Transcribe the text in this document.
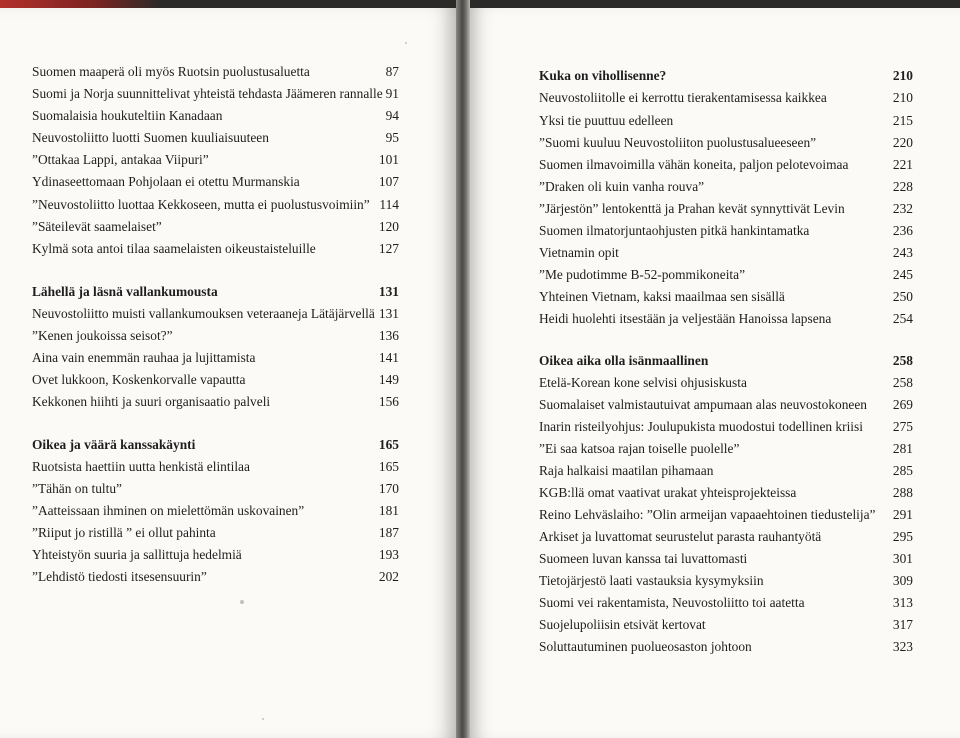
Suomen maaperä oli myös Ruotsin puolustusaluetta	87
Suomi ja Norja suunnittelivat yhteistä tehdasta Jäämeren rannalle 91
Suomalaisia houkuteltiin Kanadaan	94
Neuvostoliitto luotti Suomen kuuliaisuuteen	95
”Ottakaa Lappi, antakaa Viipuri”	101
Ydinaseettomaan Pohjolaan ei otettu Murmanskia	107
”Neuvostoliitto luottaa Kekkoseen, mutta ei puolustusvoimiin” 114
”Säteilevät saamelaiset”	120
Kylmä sota antoi tilaa saamelaisten oikeustaisteluille	127
Lähellä ja läsnä vallankumousta	131
Neuvostoliitto muisti vallankumouksen veteraaneja Lätäjärvellä 131
”Kenen joukoissa seisot?”	136
Aina vain enemmän rauhaa ja lujittamista	141
Ovet lukkoon, Koskenkorvalle vapautta	149
Kekkonen hiihti ja suuri organisaatio palveli	156
Oikea ja väärä kanssakäynti	165
Ruotsista haettiin uutta henkistä elintilaa	165
”Tähän on tultu”	170
”Aatteissaan ihminen on mielettömän uskovainen”	181
”Riiput jo ristillä ” ei ollut pahinta	187
Yhteistyön suuria ja sallittuja hedelmiä	193
”Lehdistö tiedosti itsesensuurin”	202
Kuka on vihollisenne?	210
Neuvostoliitolle ei kerrottu tierakentamisessa kaikkea	210
Yksi tie puuttuu edelleen	215
”Suomi kuuluu Neuvostoliiton puolustusalueeseen”	220
Suomen ilmavoimilla vähän koneita, paljon pelotevoimaa	221
”Draken oli kuin vanha rouva”	228
”Järjestön” lentokenttä ja Prahan kevät synnyttivät Levin	232
Suomen ilmatorjuntaohjusten pitkä hankintamatka	236
Vietnamin opit	243
”Me pudotimme B-52-pommikoneita”	245
Yhteinen Vietnam, kaksi maailmaa sen sisällä	250
Heidi huolehti itsestään ja veljestään Hanoissa lapsena	254
Oikea aika olla isänmaallinen	258
Etelä-Korean kone selvisi ohjusiskusta	258
Suomalaiset valmistautuivat ampumaan alas neuvostokoneen 269
Inarin risteilyohjus: Joulupukista muodostui todellinen kriisi 275
”Ei saa katsoa rajan toiselle puolelle”	281
Raja halkaisi maatilan pihamaan	285
KGB:llä omat vaativat urakat yhteisprojekteissa	288
Reino Lehväslaiho: ”Olin armeijan vapaaehtoinen tiedustelija” 291
Arkiset ja luvattomat seurustelut parasta rauhantyötä	295
Suomeen luvan kanssa tai luvattomasti	301
Tietojärjestö laati vastauksia kysymyksiin	309
Suomi vei rakentamista, Neuvostoliitto toi aatetta	313
Suojelupoliisin etsivät kertovat	317
Soluttautuminen puolueosaston johtoon	323
